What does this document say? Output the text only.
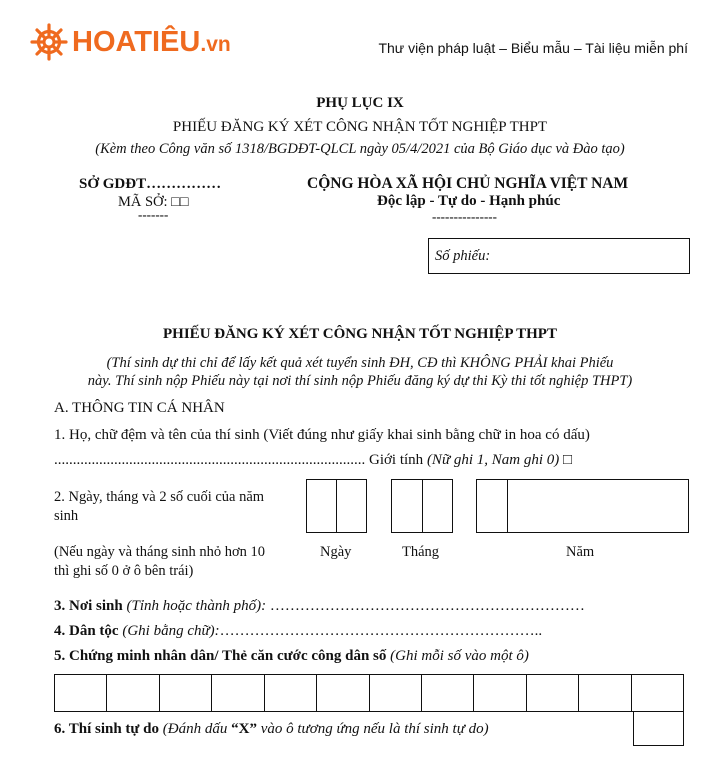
HOATIÊU.vn	Thư viện pháp luật – Biểu mẫu – Tài liệu miễn phí
PHỤ LỤC IX
PHIẾU ĐĂNG KÝ XÉT CÔNG NHẬN TỐT NGHIỆP THPT
(Kèm theo Công văn số 1318/BGDĐT-QLCL ngày 05/4/2021 của Bộ Giáo dục và Đào tạo)
SỞ GDĐT……………
MÃ SỞ: □□
-------
CỘNG HÒA XÃ HỘI CHỦ NGHĨA VIỆT NAM
Độc lập - Tự do - Hạnh phúc
---------------
Số phiếu:
PHIẾU ĐĂNG KÝ XÉT CÔNG NHẬN TỐT NGHIỆP THPT
(Thí sinh dự thi chỉ để lấy kết quả xét tuyển sinh ĐH, CĐ thì KHÔNG PHẢI khai Phiếu
này. Thí sinh nộp Phiếu này tại nơi thí sinh nộp Phiếu đăng ký dự thi Kỳ thi tốt nghiệp THPT)
A. THÔNG TIN CÁ NHÂN
1. Họ, chữ đệm và tên của thí sinh (Viết đúng như giấy khai sinh bằng chữ in hoa có dấu)
................................................................................... Giới tính (Nữ ghi 1, Nam ghi 0) □
2. Ngày, tháng và 2 số cuối của năm
sinh
(Nếu ngày và tháng sinh nhỏ hơn 10
thì ghi số 0 ở ô bên trái)
Ngày	Tháng	Năm
3. Nơi sinh (Tỉnh hoặc thành phố): ………………………………………………………
4. Dân tộc (Ghi bằng chữ):………………………………………………………..
5. Chứng minh nhân dân/ Thẻ căn cước công dân số (Ghi mỗi số vào một ô)
6. Thí sinh tự do (Đánh dấu “X” vào ô tương ứng nếu là thí sinh tự do)
